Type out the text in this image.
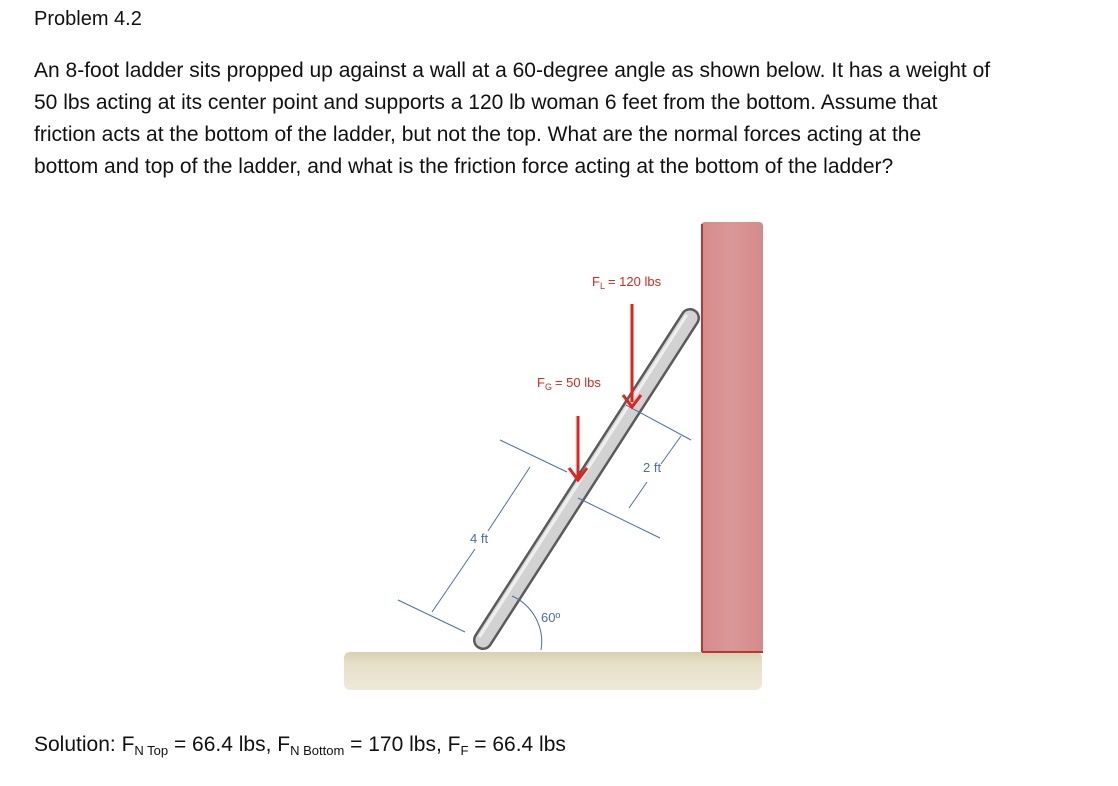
Problem 4.2
An 8-foot ladder sits propped up against a wall at a 60-degree angle as shown below. It has a weight of
50 lbs acting at its center point and supports a 120 lb woman 6 feet from the bottom. Assume that
friction acts at the bottom of the ladder, but not the top. What are the normal forces acting at the
bottom and top of the ladder, and what is the friction force acting at the bottom of the ladder?
60º
4 ft
2 ft
$F_G = 50$ lbs
$F_L = 120$ lbs
Solution: $F_{N Top} = 66.4$ lbs, $F_{N Bottom} = 170$ lbs, $F_F = 66.4$ lbs
